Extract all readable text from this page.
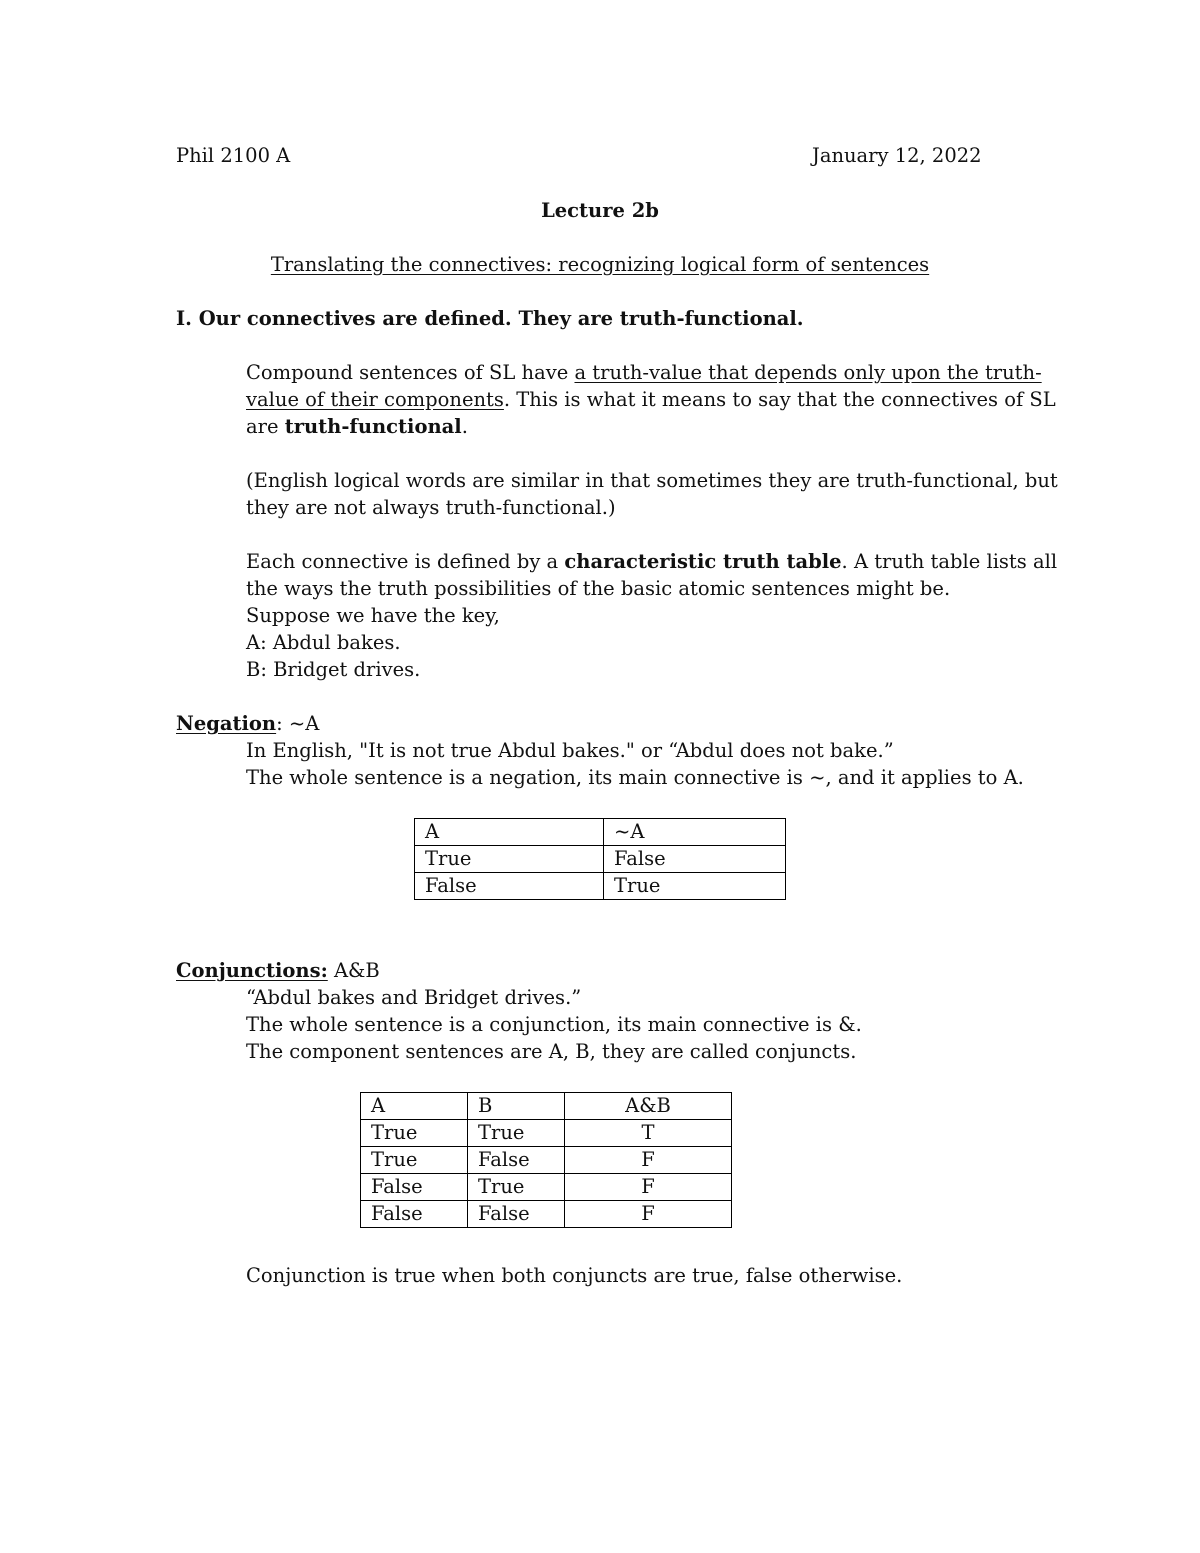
Phil 2100 A	January 12, 2022
Lecture 2b
Translating the connectives: recognizing logical form of sentences
I. Our connectives are defined. They are truth-functional.
Compound sentences of SL have a truth-value that depends only upon the truth-
value of their components. This is what it means to say that the connectives of SL
are truth-functional.
(English logical words are similar in that sometimes they are truth-functional, but
they are not always truth-functional.)
Each connective is defined by a characteristic truth table. A truth table lists all
the ways the truth possibilities of the basic atomic sentences might be.
Suppose we have the key,
A: Abdul bakes.
B: Bridget drives.
Negation: ~A
In English, "It is not true Abdul bakes." or “Abdul does not bake.”
The whole sentence is a negation, its main connective is ~, and it applies to A.
A	~A
True	False
False	True
Conjunctions: A&B
“Abdul bakes and Bridget drives.”
The whole sentence is a conjunction, its main connective is &.
The component sentences are A, B, they are called conjuncts.
A	B	A&B
True	True	T
True	False	F
False	True	F
False	False	F
Conjunction is true when both conjuncts are true, false otherwise.
